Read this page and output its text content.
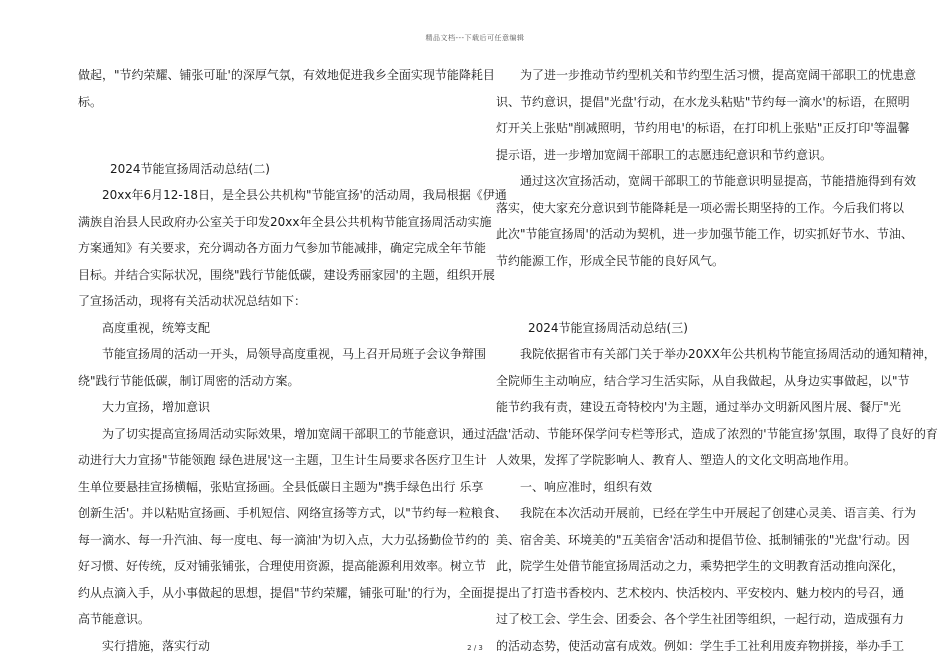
精品文档---下载后可任意编辑
做起，"节约荣耀、铺张可耻'的深厚气氛，有效地促进我乡全面实现节能降耗目
标。
2024节能宣扬周活动总结(二)
20xx年6月12-18日，是全县公共机构"节能宣扬'的活动周，我局根据《伊通
满族自治县人民政府办公室关于印发20xx年全县公共机构节能宣扬周活动实施
方案通知》有关要求，充分调动各方面力气参加节能减排，确定完成全年节能
目标。并结合实际状况，围绕"践行节能低碳，建设秀丽家园'的主题，组织开展
了宣扬活动，现将有关活动状况总结如下：
高度重视，统筹支配
节能宣扬周的活动一开头，局领导高度重视，马上召开局班子会议争辩围
绕"践行节能低碳，制订周密的活动方案。
大力宣扬，增加意识
为了切实提高宣扬周活动实际效果，增加宽阔干部职工的节能意识，通过活
动进行大力宣扬"节能领跑 绿色进展'这一主题，卫生计生局要求各医疗卫生计
生单位要悬挂宣扬横幅，张贴宣扬画。全县低碳日主题为"携手绿色出行 乐享
创新生活'。并以粘贴宣扬画、手机短信、网络宣扬等方式，以"节约每一粒粮食、
每一滴水、每一升汽油、每一度电、每一滴油'为切入点，大力弘扬勤俭节约的
好习惯、好传统，反对铺张铺张，合理使用资源，提高能源利用效率。树立节
约从点滴入手，从小事做起的思想，提倡"节约荣耀，铺张可耻'的行为，全面提
高节能意识。
实行措施，落实行动
为了进一步推动节约型机关和节约型生活习惯，提高宽阔干部职工的忧患意
识、节约意识，提倡"光盘'行动，在水龙头粘贴"节约每一滴水'的标语，在照明
灯开关上张贴"削减照明，节约用电'的标语，在打印机上张贴"正反打印'等温馨
提示语，进一步增加宽阔干部职工的志愿违纪意识和节约意识。
通过这次宣扬活动，宽阔干部职工的节能意识明显提高，节能措施得到有效
落实，使大家充分意识到节能降耗是一项必需长期坚持的工作。今后我们将以
此次"节能宣扬周'的活动为契机，进一步加强节能工作，切实抓好节水、节油、
节约能源工作，形成全民节能的良好风气。
2024节能宣扬周活动总结(三)
我院依据省市有关部门关于举办20XX年公共机构节能宣扬周活动的通知精神，
全院师生主动响应，结合学习生活实际，从自我做起，从身边实事做起，以"节
能节约我有责，建设五奇特校内'为主题，通过举办文明新风图片展、餐厅"光
盘'活动、节能环保学问专栏等形式，造成了浓烈的'节能宣扬'氛围，取得了良好的育
人效果，发挥了学院影响人、教育人、塑造人的文化文明高地作用。
一、响应准时，组织有效
我院在本次活动开展前，已经在学生中开展起了创建心灵美、语言美、行为
美、宿舍美、环境美的"五美宿舍'活动和提倡节俭、抵制铺张的"光盘'行动。因
此，院学生处借节能宣扬周活动之力，乘势把学生的文明教育活动推向深化，
提出了打造书香校内、艺术校内、快活校内、平安校内、魅力校内的号召，通
过了校工会、学生会、团委会、各个学生社团等组织，一起行动，造成强有力
的活动态势，使活动富有成效。例如：学生手工社利用废弃物拼接，举办手工
2 / 3
